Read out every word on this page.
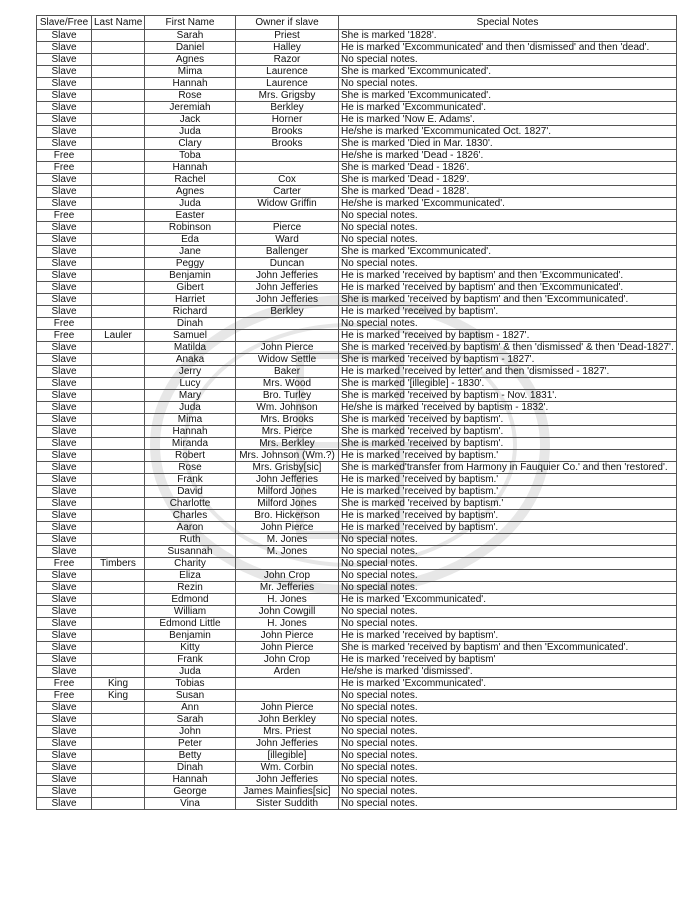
Slave/Free	Last Name	First Name	Owner if slave	Special Notes
Slave		Sarah	Priest	She is marked '1828'.
Slave		Daniel	Halley	He is marked 'Excommunicated' and then 'dismissed' and then 'dead'.
Slave		Agnes	Razor	No special notes.
Slave		Mima	Laurence	She is marked 'Excommunicated'.
Slave		Hannah	Laurence	No special notes.
Slave		Rose	Mrs. Grigsby	She is marked 'Excommunicated'.
Slave		Jeremiah	Berkley	He is marked 'Excommunicated'.
Slave		Jack	Horner	He is marked 'Now E. Adams'.
Slave		Juda	Brooks	He/she is marked 'Excommunicated Oct. 1827'.
Slave		Clary	Brooks	She is marked 'Died in Mar. 1830'.
Free		Toba		He/she is marked 'Dead - 1826'.
Free		Hannah		She is marked 'Dead - 1826'.
Slave		Rachel	Cox	She is marked 'Dead - 1829'.
Slave		Agnes	Carter	She is marked 'Dead - 1828'.
Slave		Juda	Widow Griffin	He/she is marked 'Excommunicated'.
Free		Easter		No special notes.
Slave		Robinson	Pierce	No special notes.
Slave		Eda	Ward	No special notes.
Slave		Jane	Ballenger	She is marked 'Excommunicated'.
Slave		Peggy	Duncan	No special notes.
Slave		Benjamin	John Jefferies	He is marked 'received by baptism' and then 'Excommunicated'.
Slave		Gibert	John Jefferies	He is marked 'received by baptism' and then 'Excommunicated'.
Slave		Harriet	John Jefferies	She is marked 'received by baptism' and then 'Excommunicated'.
Slave		Richard	Berkley	He is marked 'received by baptism'.
Free		Dinah		No special notes.
Free	Lauler	Samuel		He is marked 'received by baptism - 1827'.
Slave		Matilda	John Pierce	She is marked 'received by baptism' & then 'dismissed' & then 'Dead-1827'.
Slave		Anaka	Widow Settle	She is marked 'received by baptism - 1827'.
Slave		Jerry	Baker	He is marked 'received by letter' and then 'dismissed - 1827'.
Slave		Lucy	Mrs. Wood	She is marked '[illegible] - 1830'.
Slave		Mary	Bro. Turley	She is marked 'received by baptism - Nov. 1831'.
Slave		Juda	Wm. Johnson	He/she is marked 'received by baptism - 1832'.
Slave		Mima	Mrs. Brooks	She is marked 'received by baptism'.
Slave		Hannah	Mrs. Pierce	She is marked 'received by baptism'.
Slave		Miranda	Mrs. Berkley	She is marked 'received by baptism'.
Slave		Robert	Mrs. Johnson (Wm.?)	He is marked 'received by baptism.'
Slave		Rose	Mrs. Grisby[sic]	She is marked'transfer from Harmony in Fauquier Co.' and then 'restored'.
Slave		Frank	John Jefferies	He is marked 'received by baptism.'
Slave		David	Milford Jones	He is marked 'received by baptism.'
Slave		Charlotte	Milford Jones	She is marked 'received by baptism.'
Slave		Charles	Bro. Hickerson	He is marked 'received by baptism'.
Slave		Aaron	John Pierce	He is marked 'received by baptism'.
Slave		Ruth	M. Jones	No special notes.
Slave		Susannah	M. Jones	No special notes.
Free	Timbers	Charity		No special notes.
Slave		Eliza	John Crop	No special notes.
Slave		Rezin	Mr. Jefferies	No special notes.
Slave		Edmond	H. Jones	He is marked 'Excommunicated'.
Slave		William	John Cowgill	No special notes.
Slave		Edmond Little	H. Jones	No special notes.
Slave		Benjamin	John Pierce	He is marked 'received by baptism'.
Slave		Kitty	John Pierce	She is marked 'received by baptism' and then 'Excommunicated'.
Slave		Frank	John Crop	He is marked 'received by baptism'
Slave		Juda	Arden	He/she is marked 'dismissed'.
Free	King	Tobias		He is marked 'Excommunicated'.
Free	King	Susan		No special notes.
Slave		Ann	John Pierce	No special notes.
Slave		Sarah	John Berkley	No special notes.
Slave		John	Mrs. Priest	No special notes.
Slave		Peter	John Jefferies	No special notes.
Slave		Betty	[illegible]	No special notes.
Slave		Dinah	Wm. Corbin	No special notes.
Slave		Hannah	John Jefferies	No special notes.
Slave		George	James Mainfies[sic]	No special notes.
Slave		Vina	Sister Suddith	No special notes.
